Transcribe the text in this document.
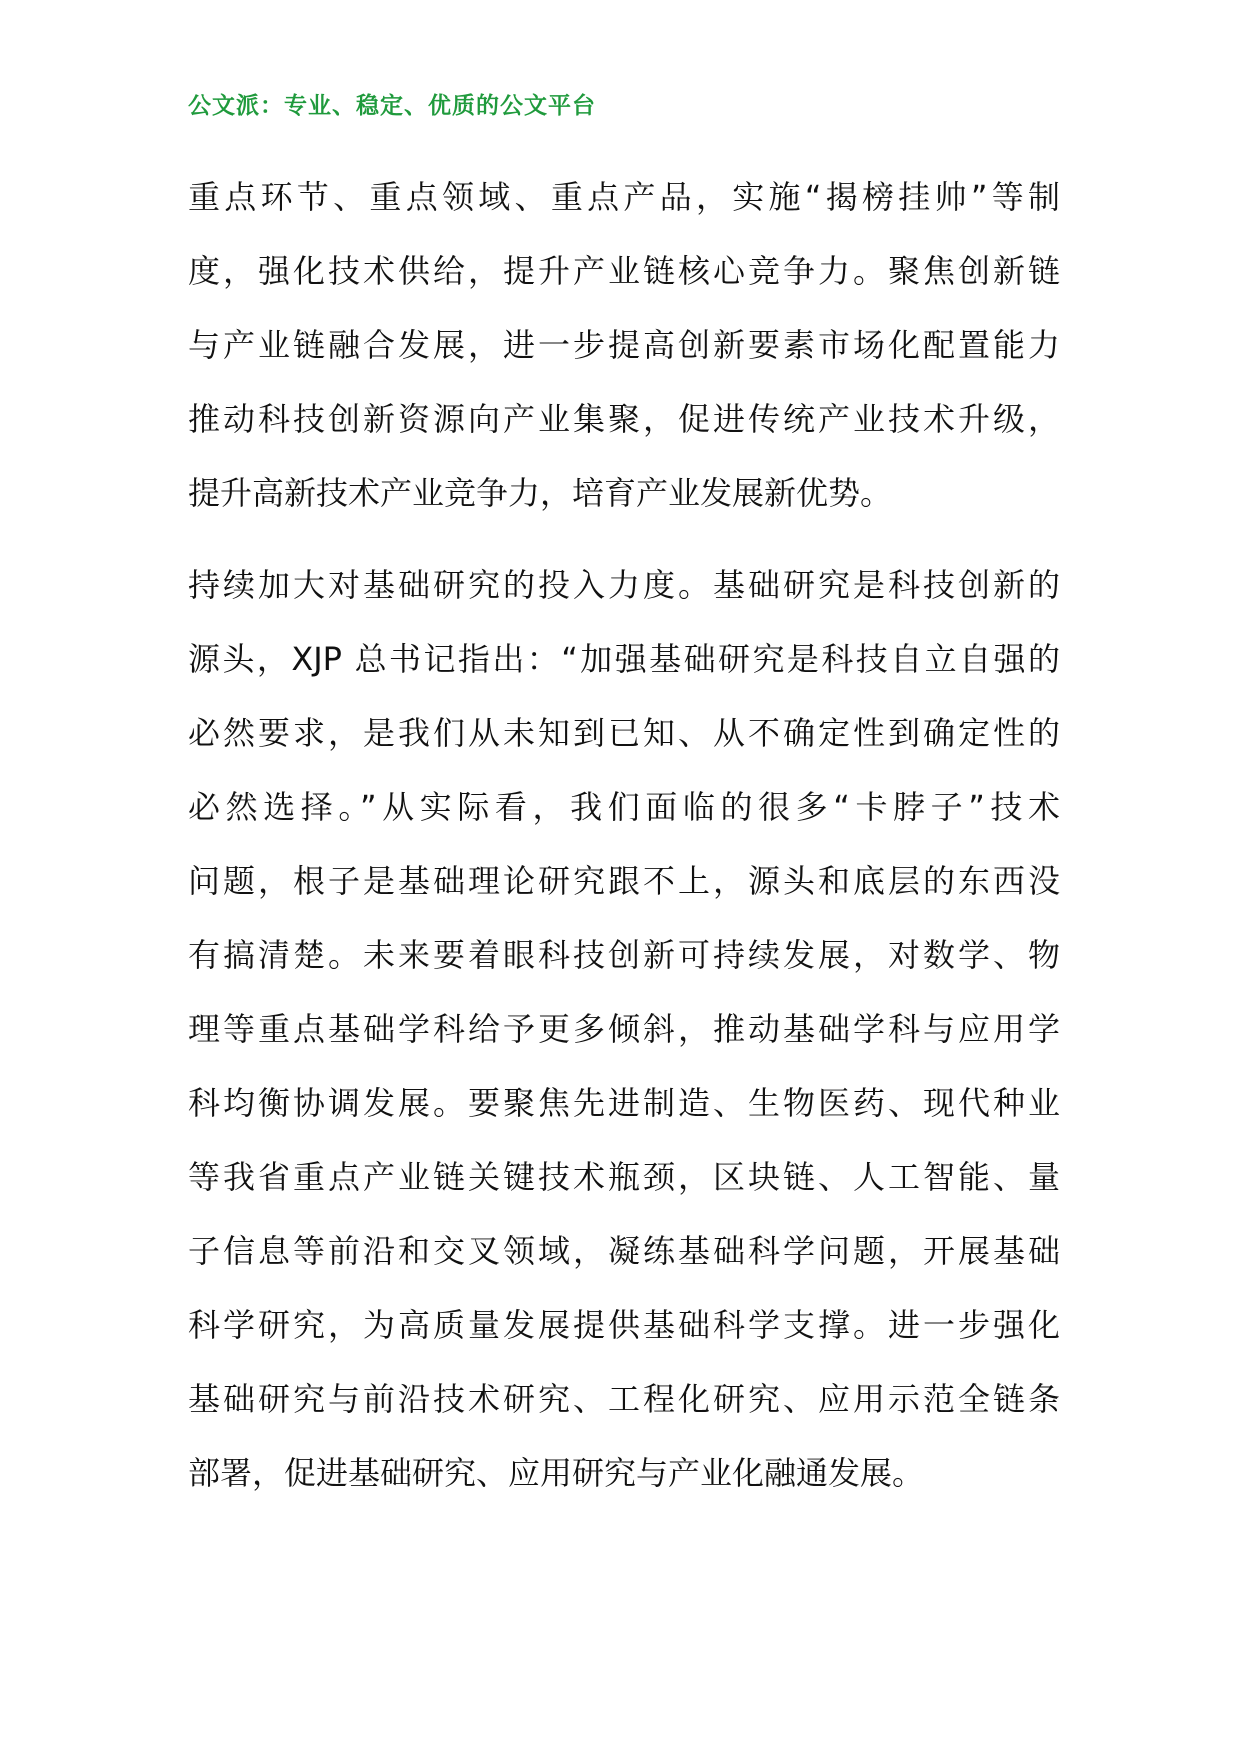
公文派：专业、稳定、优质的公文平台

重点环节、重点领域、重点产品，实施“揭榜挂帅”等制
度，强化技术供给，提升产业链核心竞争力。聚焦创新链
与产业链融合发展，进一步提高创新要素市场化配置能力
推动科技创新资源向产业集聚，促进传统产业技术升级，
提升高新技术产业竞争力，培育产业发展新优势。

持续加大对基础研究的投入力度。基础研究是科技创新的
源头，XJP 总书记指出：“加强基础研究是科技自立自强的
必然要求，是我们从未知到已知、从不确定性到确定性的
必然选择。”从实际看，我们面临的很多“卡脖子”技术
问题，根子是基础理论研究跟不上，源头和底层的东西没
有搞清楚。未来要着眼科技创新可持续发展，对数学、物
理等重点基础学科给予更多倾斜，推动基础学科与应用学
科均衡协调发展。要聚焦先进制造、生物医药、现代种业
等我省重点产业链关键技术瓶颈，区块链、人工智能、量
子信息等前沿和交叉领域，凝练基础科学问题，开展基础
科学研究，为高质量发展提供基础科学支撑。进一步强化
基础研究与前沿技术研究、工程化研究、应用示范全链条
部署，促进基础研究、应用研究与产业化融通发展。
